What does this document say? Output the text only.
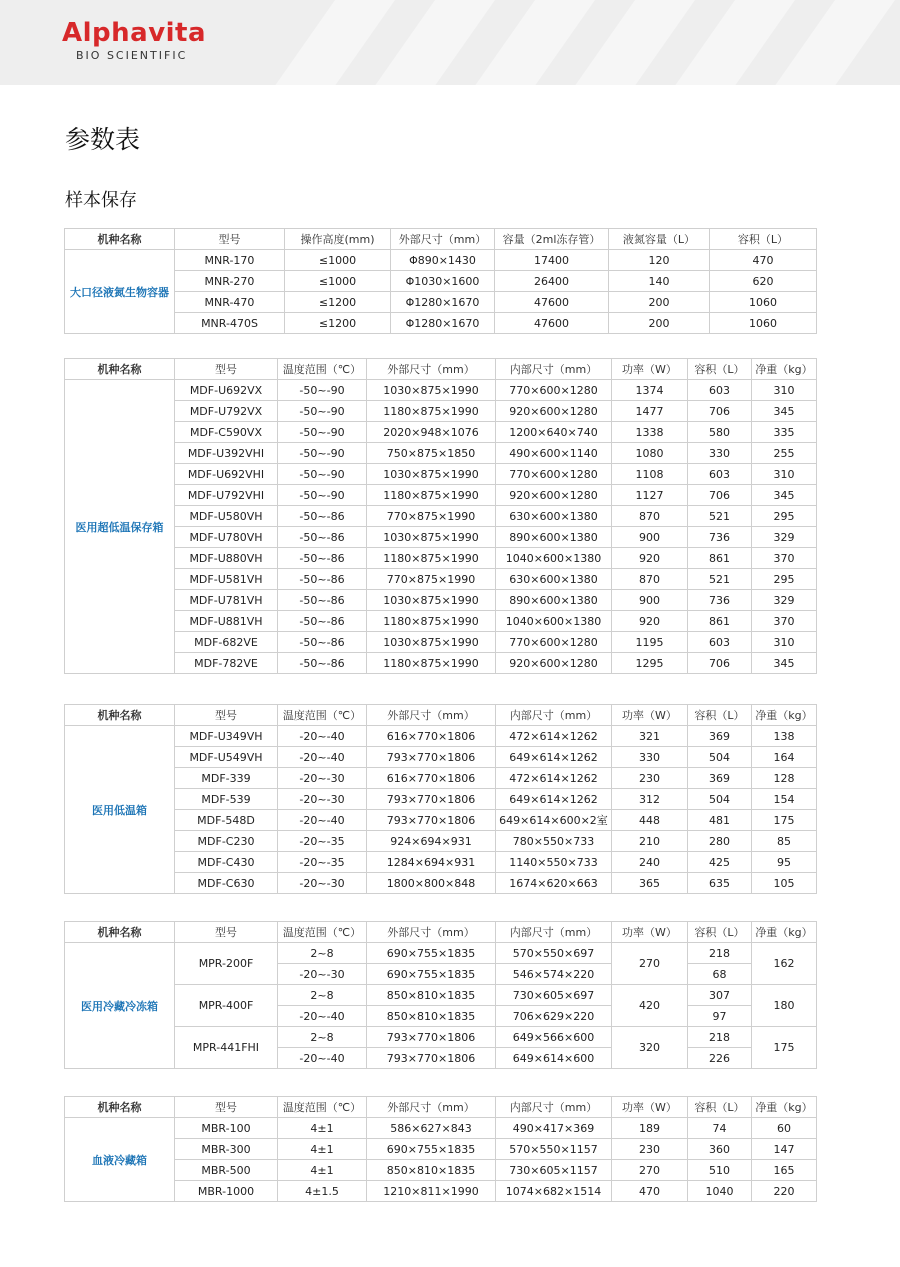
Alphavita
BIO SCIENTIFIC
参数表
样本保存
机种名称	型号	操作高度(mm)	外部尺寸（mm）	容量（2ml冻存管）	液氮容量（L）	容积（L）
大口径液氮生物容器	MNR-170	≤1000	Φ890×1430	17400	120	470
	MNR-270	≤1000	Φ1030×1600	26400	140	620
	MNR-470	≤1200	Φ1280×1670	47600	200	1060
	MNR-470S	≤1200	Φ1280×1670	47600	200	1060
机种名称	型号	温度范围（℃）	外部尺寸（mm）	内部尺寸（mm）	功率（W）	容积（L）	净重（kg）
医用超低温保存箱	MDF-U692VX	-50~-90	1030×875×1990	770×600×1280	1374	603	310
	MDF-U792VX	-50~-90	1180×875×1990	920×600×1280	1477	706	345
	MDF-C590VX	-50~-90	2020×948×1076	1200×640×740	1338	580	335
	MDF-U392VHI	-50~-90	750×875×1850	490×600×1140	1080	330	255
	MDF-U692VHI	-50~-90	1030×875×1990	770×600×1280	1108	603	310
	MDF-U792VHI	-50~-90	1180×875×1990	920×600×1280	1127	706	345
	MDF-U580VH	-50~-86	770×875×1990	630×600×1380	870	521	295
	MDF-U780VH	-50~-86	1030×875×1990	890×600×1380	900	736	329
	MDF-U880VH	-50~-86	1180×875×1990	1040×600×1380	920	861	370
	MDF-U581VH	-50~-86	770×875×1990	630×600×1380	870	521	295
	MDF-U781VH	-50~-86	1030×875×1990	890×600×1380	900	736	329
	MDF-U881VH	-50~-86	1180×875×1990	1040×600×1380	920	861	370
	MDF-682VE	-50~-86	1030×875×1990	770×600×1280	1195	603	310
	MDF-782VE	-50~-86	1180×875×1990	920×600×1280	1295	706	345
机种名称	型号	温度范围（℃）	外部尺寸（mm）	内部尺寸（mm）	功率（W）	容积（L）	净重（kg）
医用低温箱	MDF-U349VH	-20~-40	616×770×1806	472×614×1262	321	369	138
	MDF-U549VH	-20~-40	793×770×1806	649×614×1262	330	504	164
	MDF-339	-20~-30	616×770×1806	472×614×1262	230	369	128
	MDF-539	-20~-30	793×770×1806	649×614×1262	312	504	154
	MDF-548D	-20~-40	793×770×1806	649×614×600×2室	448	481	175
	MDF-C230	-20~-35	924×694×931	780×550×733	210	280	85
	MDF-C430	-20~-35	1284×694×931	1140×550×733	240	425	95
	MDF-C630	-20~-30	1800×800×848	1674×620×663	365	635	105
机种名称	型号	温度范围（℃）	外部尺寸（mm）	内部尺寸（mm）	功率（W）	容积（L）	净重（kg）
医用冷藏冷冻箱	MPR-200F	2~8	690×755×1835	570×550×697	270	218	162
		-20~-30	690×755×1835	546×574×220		68	
	MPR-400F	2~8	850×810×1835	730×605×697	420	307	180
		-20~-40	850×810×1835	706×629×220		97	
	MPR-441FHI	2~8	793×770×1806	649×566×600	320	218	175
		-20~-40	793×770×1806	649×614×600		226	
机种名称	型号	温度范围（℃）	外部尺寸（mm）	内部尺寸（mm）	功率（W）	容积（L）	净重（kg）
血液冷藏箱	MBR-100	4±1	586×627×843	490×417×369	189	74	60
	MBR-300	4±1	690×755×1835	570×550×1157	230	360	147
	MBR-500	4±1	850×810×1835	730×605×1157	270	510	165
	MBR-1000	4±1.5	1210×811×1990	1074×682×1514	470	1040	220
